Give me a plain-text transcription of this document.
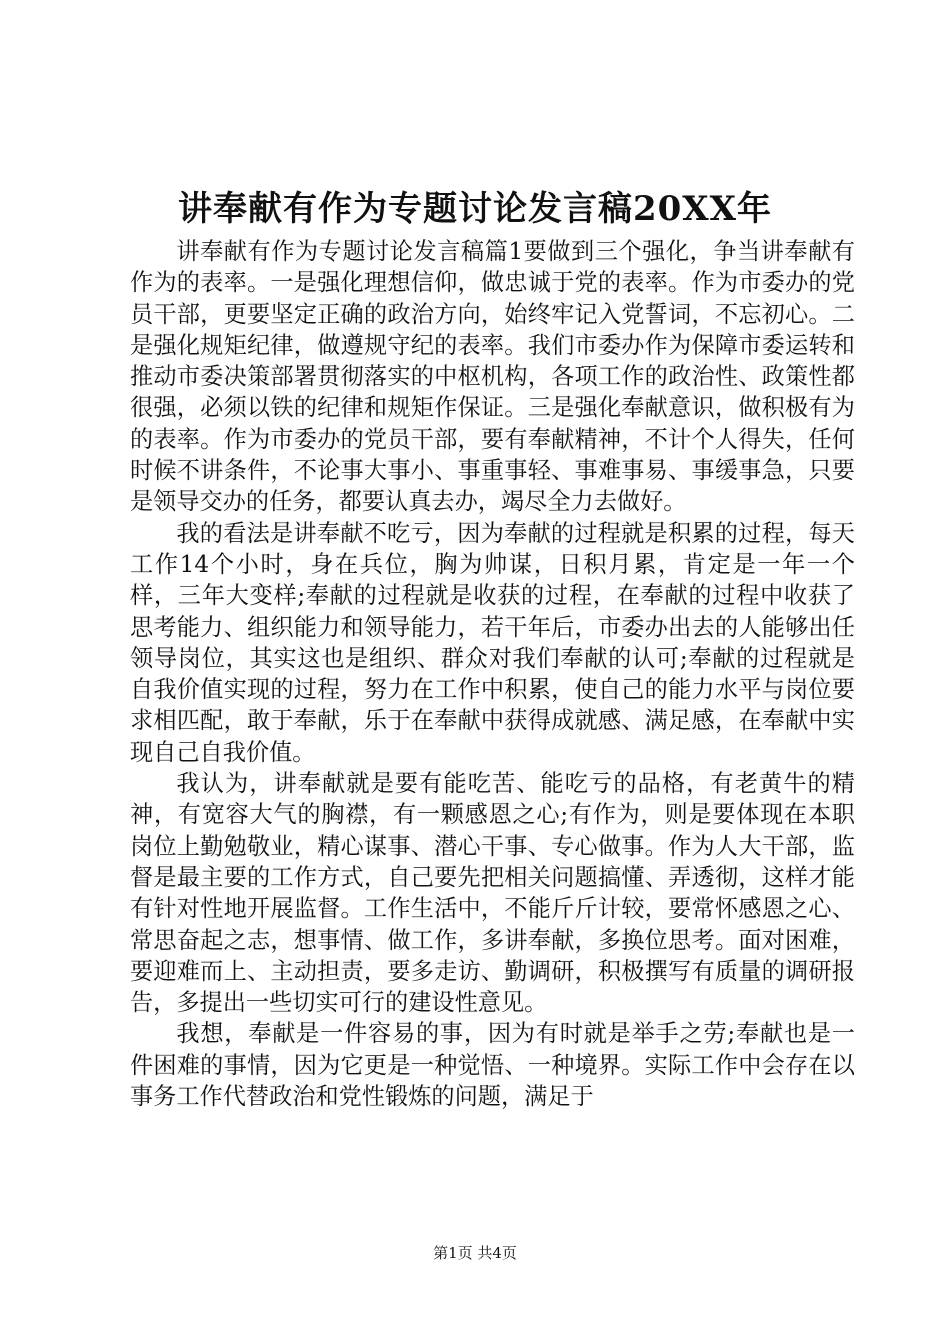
讲奉献有作为专题讨论发言稿20XX年

讲奉献有作为专题讨论发言稿篇1要做到三个强化，争当讲奉献有作为的表率。一是强化理想信仰，做忠诚于党的表率。作为市委办的党员干部，更要坚定正确的政治方向，始终牢记入党誓词，不忘初心。二是强化规矩纪律，做遵规守纪的表率。我们市委办作为保障市委运转和推动市委决策部署贯彻落实的中枢机构，各项工作的政治性、政策性都很强，必须以铁的纪律和规矩作保证。三是强化奉献意识，做积极有为的表率。作为市委办的党员干部，要有奉献精神，不计个人得失，任何时候不讲条件，不论事大事小、事重事轻、事难事易、事缓事急，只要是领导交办的任务，都要认真去办，竭尽全力去做好。

我的看法是讲奉献不吃亏，因为奉献的过程就是积累的过程，每天工作14个小时，身在兵位，胸为帅谋，日积月累，肯定是一年一个样，三年大变样;奉献的过程就是收获的过程，在奉献的过程中收获了思考能力、组织能力和领导能力，若干年后，市委办出去的人能够出任领导岗位，其实这也是组织、群众对我们奉献的认可;奉献的过程就是自我价值实现的过程，努力在工作中积累，使自己的能力水平与岗位要求相匹配，敢于奉献，乐于在奉献中获得成就感、满足感，在奉献中实现自己自我价值。

我认为，讲奉献就是要有能吃苦、能吃亏的品格，有老黄牛的精神，有宽容大气的胸襟，有一颗感恩之心;有作为，则是要体现在本职岗位上勤勉敬业，精心谋事、潜心干事、专心做事。作为人大干部，监督是最主要的工作方式，自己要先把相关问题搞懂、弄透彻，这样才能有针对性地开展监督。工作生活中，不能斤斤计较，要常怀感恩之心、常思奋起之志，想事情、做工作，多讲奉献，多换位思考。面对困难，要迎难而上、主动担责，要多走访、勤调研，积极撰写有质量的调研报告，多提出一些切实可行的建设性意见。

我想，奉献是一件容易的事，因为有时就是举手之劳;奉献也是一件困难的事情，因为它更是一种觉悟、一种境界。实际工作中会存在以事务工作代替政治和党性锻炼的问题，满足于

第1页 共4页
